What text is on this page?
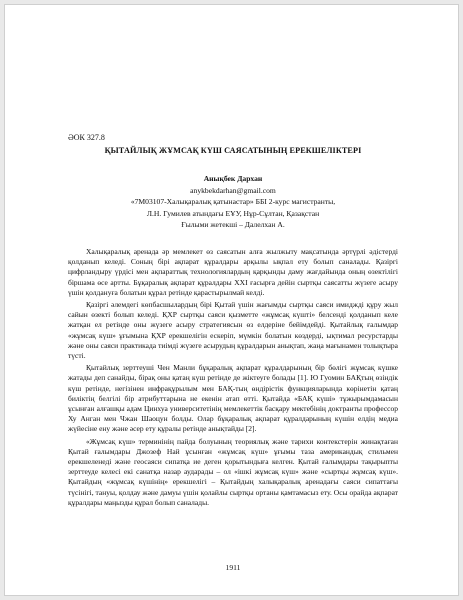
ӘОК 327.8
ҚЫТАЙЛЫҚ ЖҰМСАҚ КҮШ САЯСАТЫНЫҢ ЕРЕКШЕЛІКТЕРІ
Анықбек Дархан
anykbekdarhan@gmail.com
«7M03107-Халықаралық қатынастар» ББІ 2-курс магистранты,
Л.Н. Гумилев атындағы ЕҰУ, Нұр-Сұлтан, Қазақстан
Ғылыми жетекші – Далелхан А.

Халықаралық аренада әр мемлекет өз саясатын алға жылжыту мақсатында әртүрлі әдістерді қолданып келеді. Соның бірі ақпарат құралдары арқылы ықпал ету болып саналады. Қазіргі цифрландыру үрдісі мен ақпараттық технологиялардың қарқынды даму жағдайында оның өзектілігі біршама өсе артты. Бұқаралық ақпарат құралдары XXI ғасырға дейін сыртқы саясатты жүзеге асыру үшін қолдануға болатын құрал ретінде қарастырылмай келді.

Қазіргі әлемдегі көпбасшылардың бірі Қытай үшін жағымды сыртқы саяси имиджді құру жыл сайын өзекті болып келеді. ҚХР сыртқы саяси қызметте «жұмсақ күшті» белсенді қолданып келе жатқан ел ретінде оны жүзеге асыру стратегиясын өз елдеріне бейімдейді. Қытайлық ғалымдар «жұмсақ күш» ұғымына ҚХР ерекшелігін ескеріп, мүмкін болатын көздерді, ықтимал ресурстарды және оны саяси практикада тиімді жүзеге асырудың құралдарын анықтап, жаңа мағынамен толықтыра түсті.

Қытайлық зерттеуші Чен Манли бұқаралық ақпарат құралдарының бір бөлігі жұмсақ күшке жатады деп санайды, бірақ оны қатаң күш ретінде де жіктеуге болады [1]. Ю Гуомин БАҚтың өзіндік күш ретінде, негізінен инфрақұрылым мен БАҚ-тың өндірістік функцияларында көрінетін қатаң биліктің белгілі бір атрибуттарына не екенін атап өтті. Қытайда «БАҚ күші» тұжырымдамасын ұсынған алғашқы адам Цинхуа университетінің мемлекеттік басқару мектебінің доктранты профессор Ху Анган мен Чжан Шаоцун болды. Олар бұқаралық ақпарат құралдарының күшін елдің медиа жүйесіне ену және әсер ету құралы ретінде анықтайды [2].

«Жұмсақ күш» терминінің пайда болуының теориялық және тарихи контекстерін жинақтаған Қытай ғалымдары Джозеф Най ұсынған «жұмсақ күш» ұғымы таза американдық стильмен ерекшеленеді және геосаяси сипатқа ие деген қорытындыға келген. Қытай ғалымдары тақырыпты зерттеуде келесі екі санатқа назар аударады – ол «ішкі жұмсақ күш» және «сыртқы жұмсақ күш». Қытайдың «жұмсақ күшінің» ерекшелігі – Қытайдың халықаралық аренадағы саяси сипаттағы түсінігі, тануы, қолдау және дамуы үшін қолайлы сыртқы ортаны қамтамасыз ету. Осы орайда ақпарат құралдары маңызды құрал болып саналады.

1911
